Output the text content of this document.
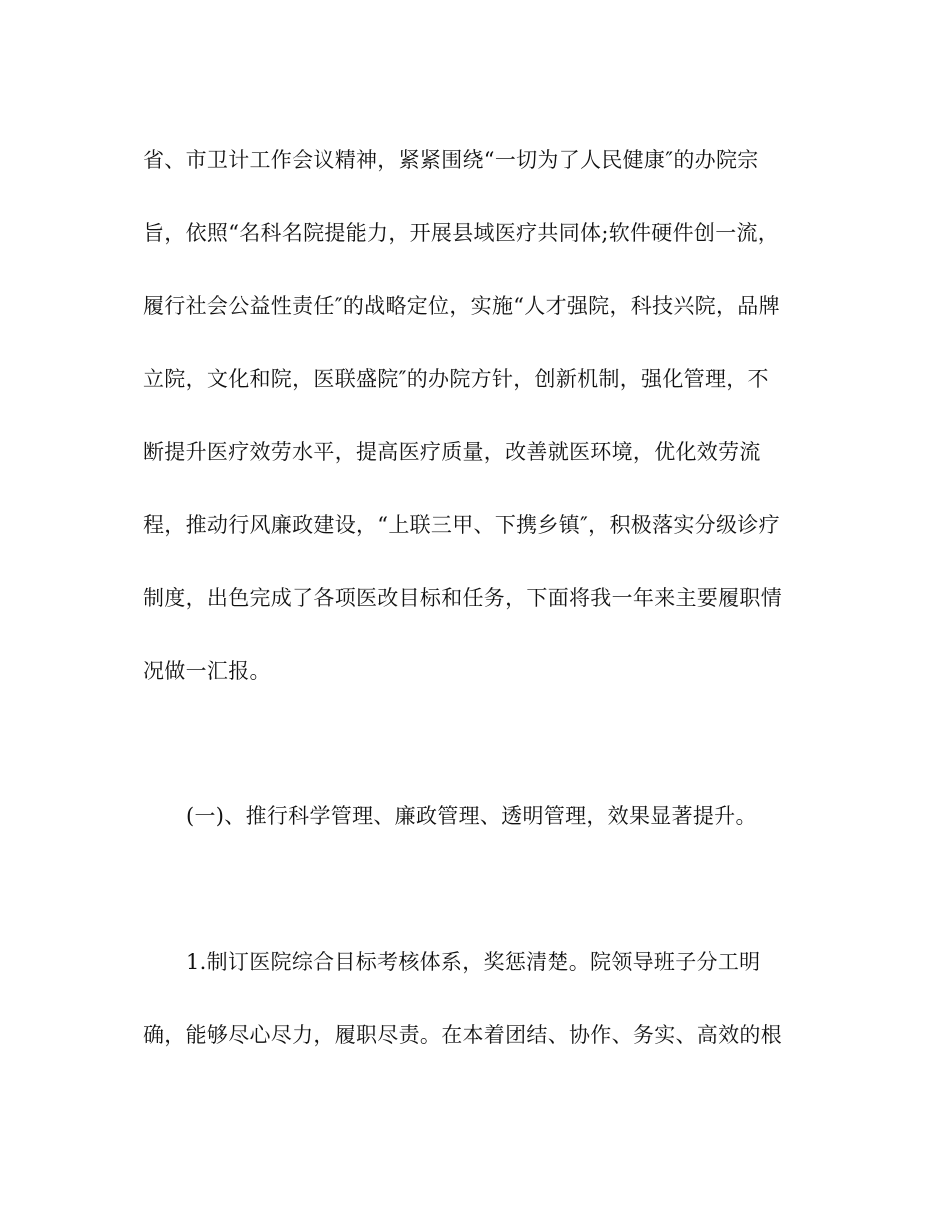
省、市卫计工作会议精神，紧紧围绕“一切为了人民健康″的办院宗
旨，依照“名科名院提能力，开展县域医疗共同体;软件硬件创一流，
履行社会公益性责任″的战略定位，实施“人才强院，科技兴院，品牌
立院，文化和院，医联盛院″的办院方针，创新机制，强化管理，不
断提升医疗效劳水平，提高医疗质量，改善就医环境，优化效劳流
程，推动行风廉政建设，“上联三甲、下携乡镇″，积极落实分级诊疗
制度，出色完成了各项医改目标和任务，下面将我一年来主要履职情
况做一汇报。
(一)、推行科学管理、廉政管理、透明管理，效果显著提升。
1.制订医院综合目标考核体系，奖惩清楚。院领导班子分工明
确，能够尽心尽力，履职尽责。在本着团结、协作、务实、高效的根
